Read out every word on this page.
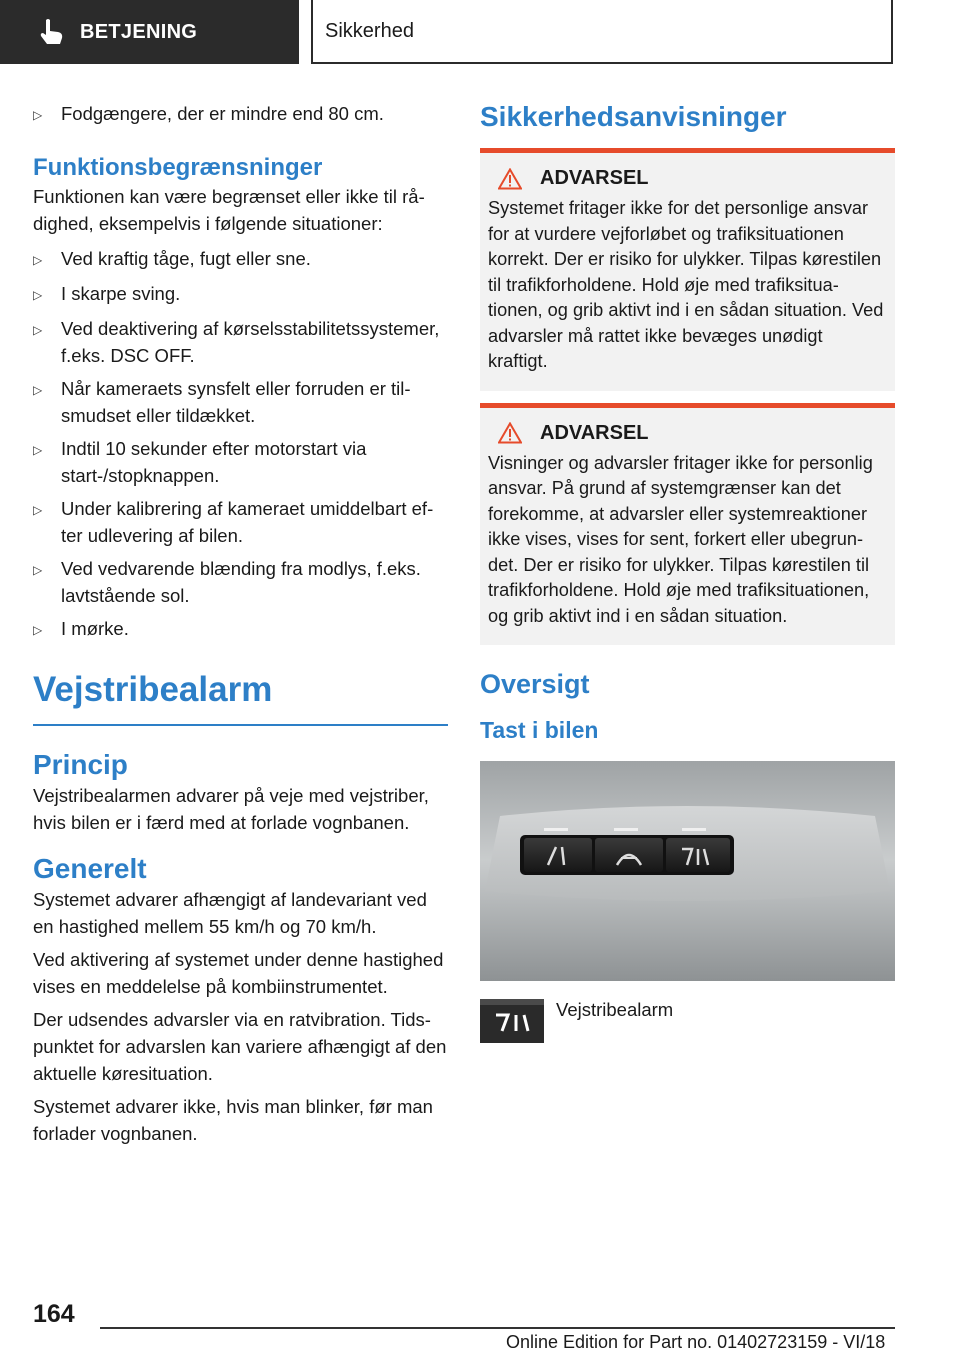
BETJENING	Sikkerhed
▷	Fodgængere, der er mindre end 80 cm.
Funktionsbegrænsninger

Funktionen kan være begrænset eller ikke til rådighed, eksempelvis i følgende situationer:

▷	Ved kraftig tåge, fugt eller sne.
▷	I skarpe sving.
▷	Ved deaktivering af kørselsstabilitetssystemer, f.eks. DSC OFF.
▷	Når kameraets synsfelt eller forruden er tilsmudset eller tildækket.
▷	Indtil 10 sekunder efter motorstart via start-/stopknappen.
▷	Under kalibrering af kameraet umiddelbart efter udlevering af bilen.
▷	Ved vedvarende blænding fra modlys, f.eks. lavtstående sol.
▷	I mørke.
Vejstribealarm
Princip

Vejstribealarmen advarer på veje med vejstriber, hvis bilen er i færd med at forlade vognbanen.

Generelt

Systemet advarer afhængigt af landevariant ved en hastighed mellem 55 km/h og 70 km/h.

Ved aktivering af systemet under denne hastighed vises en meddelelse på kombiinstrumentet.

Der udsendes advarsler via en ratvibration. Tidspunktet for advarslen kan variere afhængigt af den aktuelle køresituation.

Systemet advarer ikke, hvis man blinker, før man forlader vognbanen.

Sikkerhedsanvisninger
ADVARSEL

Systemet fritager ikke for det personlige ansvar for at vurdere vejforløbet og trafiksituationen korrekt. Der er risiko for ulykker. Tilpas kørestilen til trafikforholdene. Hold øje med trafiksituationen, og grib aktivt ind i en sådan situation. Ved advarsler må rattet ikke bevæges unødigt kraftigt.

ADVARSEL

Visninger og advarsler fritager ikke for personlig ansvar. På grund af systemgrænser kan det forekomme, at advarsler eller systemreaktioner ikke vises, vises for sent, forkert eller ubegrundet. Der er risiko for ulykker. Tilpas kørestilen til trafikforholdene. Hold øje med trafiksituationen, og grib aktivt ind i en sådan situation.

Oversigt
Tast i bilen
Vejstribealarm
164
Online Edition for Part no. 01402723159 - VI/18
